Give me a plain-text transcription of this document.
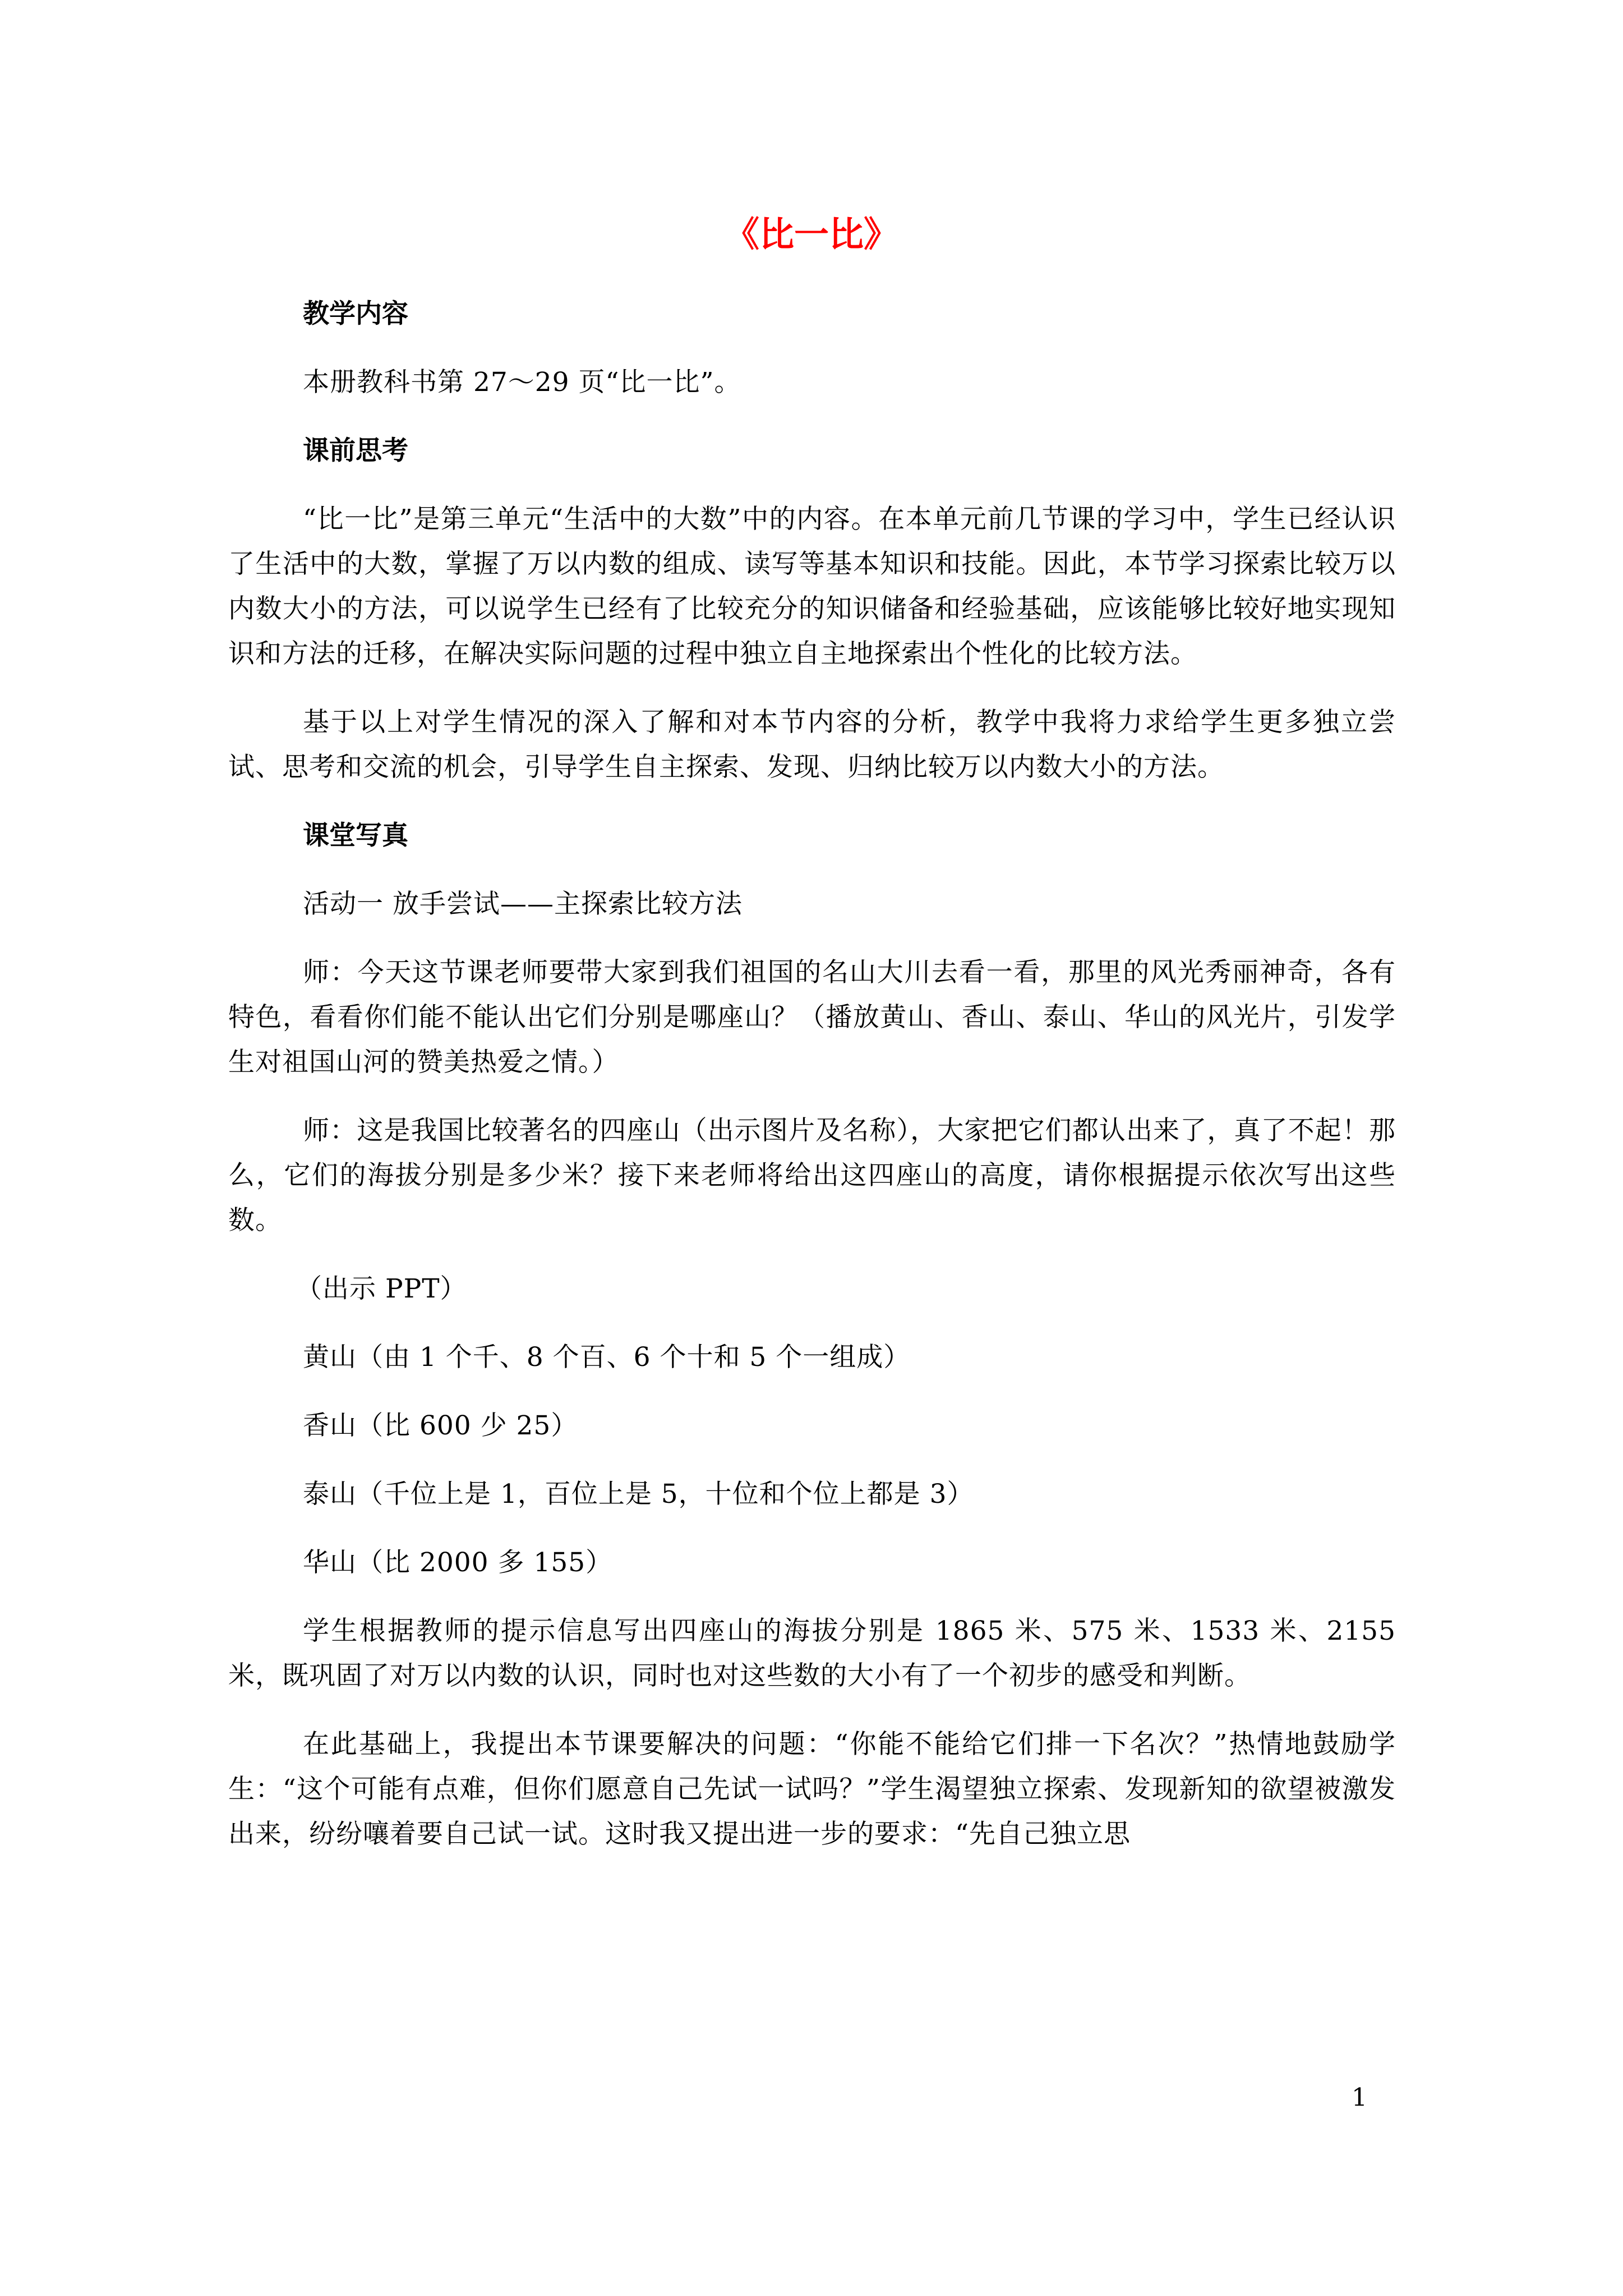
《比一比》

教学内容

本册教科书第 27～29 页“比一比”。

课前思考

“比一比”是第三单元“生活中的大数”中的内容。在本单元前几节课的学习中，学生已经认识了生活中的大数，掌握了万以内数的组成、读写等基本知识和技能。因此，本节学习探索比较万以内数大小的方法，可以说学生已经有了比较充分的知识储备和经验基础，应该能够比较好地实现知识和方法的迁移，在解决实际问题的过程中独立自主地探索出个性化的比较方法。

基于以上对学生情况的深入了解和对本节内容的分析，教学中我将力求给学生更多独立尝试、思考和交流的机会，引导学生自主探索、发现、归纳比较万以内数大小的方法。

课堂写真

活动一 放手尝试——主探索比较方法

师：今天这节课老师要带大家到我们祖国的名山大川去看一看，那里的风光秀丽神奇，各有特色，看看你们能不能认出它们分别是哪座山？（播放黄山、香山、泰山、华山的风光片，引发学生对祖国山河的赞美热爱之情。）

师：这是我国比较著名的四座山（出示图片及名称），大家把它们都认出来了，真了不起！那么，它们的海拔分别是多少米？接下来老师将给出这四座山的高度，请你根据提示依次写出这些数。

（出示 PPT）

黄山（由 1 个千、8 个百、6 个十和 5 个一组成）

香山（比 600 少 25）

泰山（千位上是 1，百位上是 5，十位和个位上都是 3）

华山（比 2000 多 155）

学生根据教师的提示信息写出四座山的海拔分别是 1865 米、575 米、1533 米、2155 米，既巩固了对万以内数的认识，同时也对这些数的大小有了一个初步的感受和判断。

在此基础上，我提出本节课要解决的问题：“你能不能给它们排一下名次？”热情地鼓励学生：“这个可能有点难，但你们愿意自己先试一试吗？”学生渴望独立探索、发现新知的欲望被激发出来，纷纷嚷着要自己试一试。这时我又提出进一步的要求：“先自己独立思

1
